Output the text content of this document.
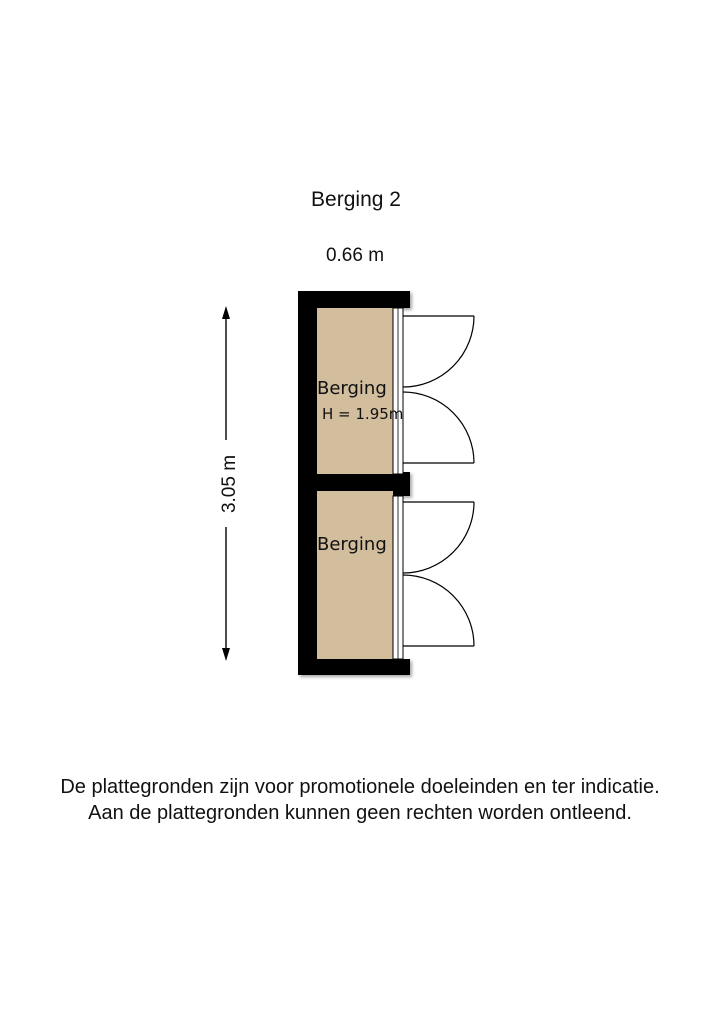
Berging 2
0.66 m
3.05 m
Berging
H = 1.95m
Berging
De plattegronden zijn voor promotionele doeleinden en ter indicatie.
Aan de plattegronden kunnen geen rechten worden ontleend.
